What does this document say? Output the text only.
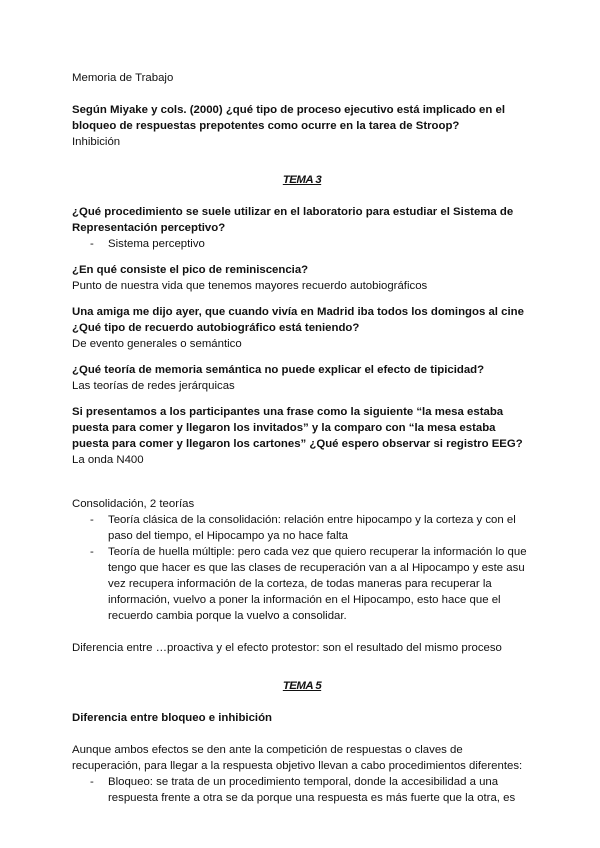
Memoria de Trabajo

Según Miyake y cols. (2000) ¿qué tipo de proceso ejecutivo está implicado en el bloqueo de respuestas prepotentes como ocurre en la tarea de Stroop?

Inhibición

TEMA 3

¿Qué procedimiento se suele utilizar en el laboratorio para estudiar el Sistema de Representación perceptivo?

- Sistema perceptivo

¿En qué consiste el pico de reminiscencia?

Punto de nuestra vida que tenemos mayores recuerdo autobiográficos

Una amiga me dijo ayer, que cuando vivía en Madrid iba todos los domingos al cine ¿Qué tipo de recuerdo autobiográfico está teniendo?

De evento generales o semántico

¿Qué teoría de memoria semántica no puede explicar el efecto de tipicidad?

Las teorías de redes jerárquicas

Si presentamos a los participantes una frase como la siguiente “la mesa estaba puesta para comer y llegaron los invitados” y la comparo con “la mesa estaba puesta para comer y llegaron los cartones” ¿Qué espero observar si registro EEG?

La onda N400

Consolidación, 2 teorías

- Teoría clásica de la consolidación: relación entre hipocampo y la corteza y con el paso del tiempo, el Hipocampo ya no hace falta
- Teoría de huella múltiple: pero cada vez que quiero recuperar la información lo que tengo que hacer es que las clases de recuperación van a al Hipocampo y este asu vez recupera información de la corteza, de todas maneras para recuperar la información, vuelvo a poner la información en el Hipocampo, esto hace que el recuerdo cambia porque la vuelvo a consolidar.

Diferencia entre …proactiva y el efecto protestor: son el resultado del mismo proceso

TEMA 5

Diferencia entre bloqueo e inhibición

Aunque ambos efectos se den ante la competición de respuestas o claves de recuperación, para llegar a la respuesta objetivo llevan a cabo procedimientos diferentes:

- Bloqueo: se trata de un procedimiento temporal, donde la accesibilidad a una respuesta frente a otra se da porque una respuesta es más fuerte que la otra, es
